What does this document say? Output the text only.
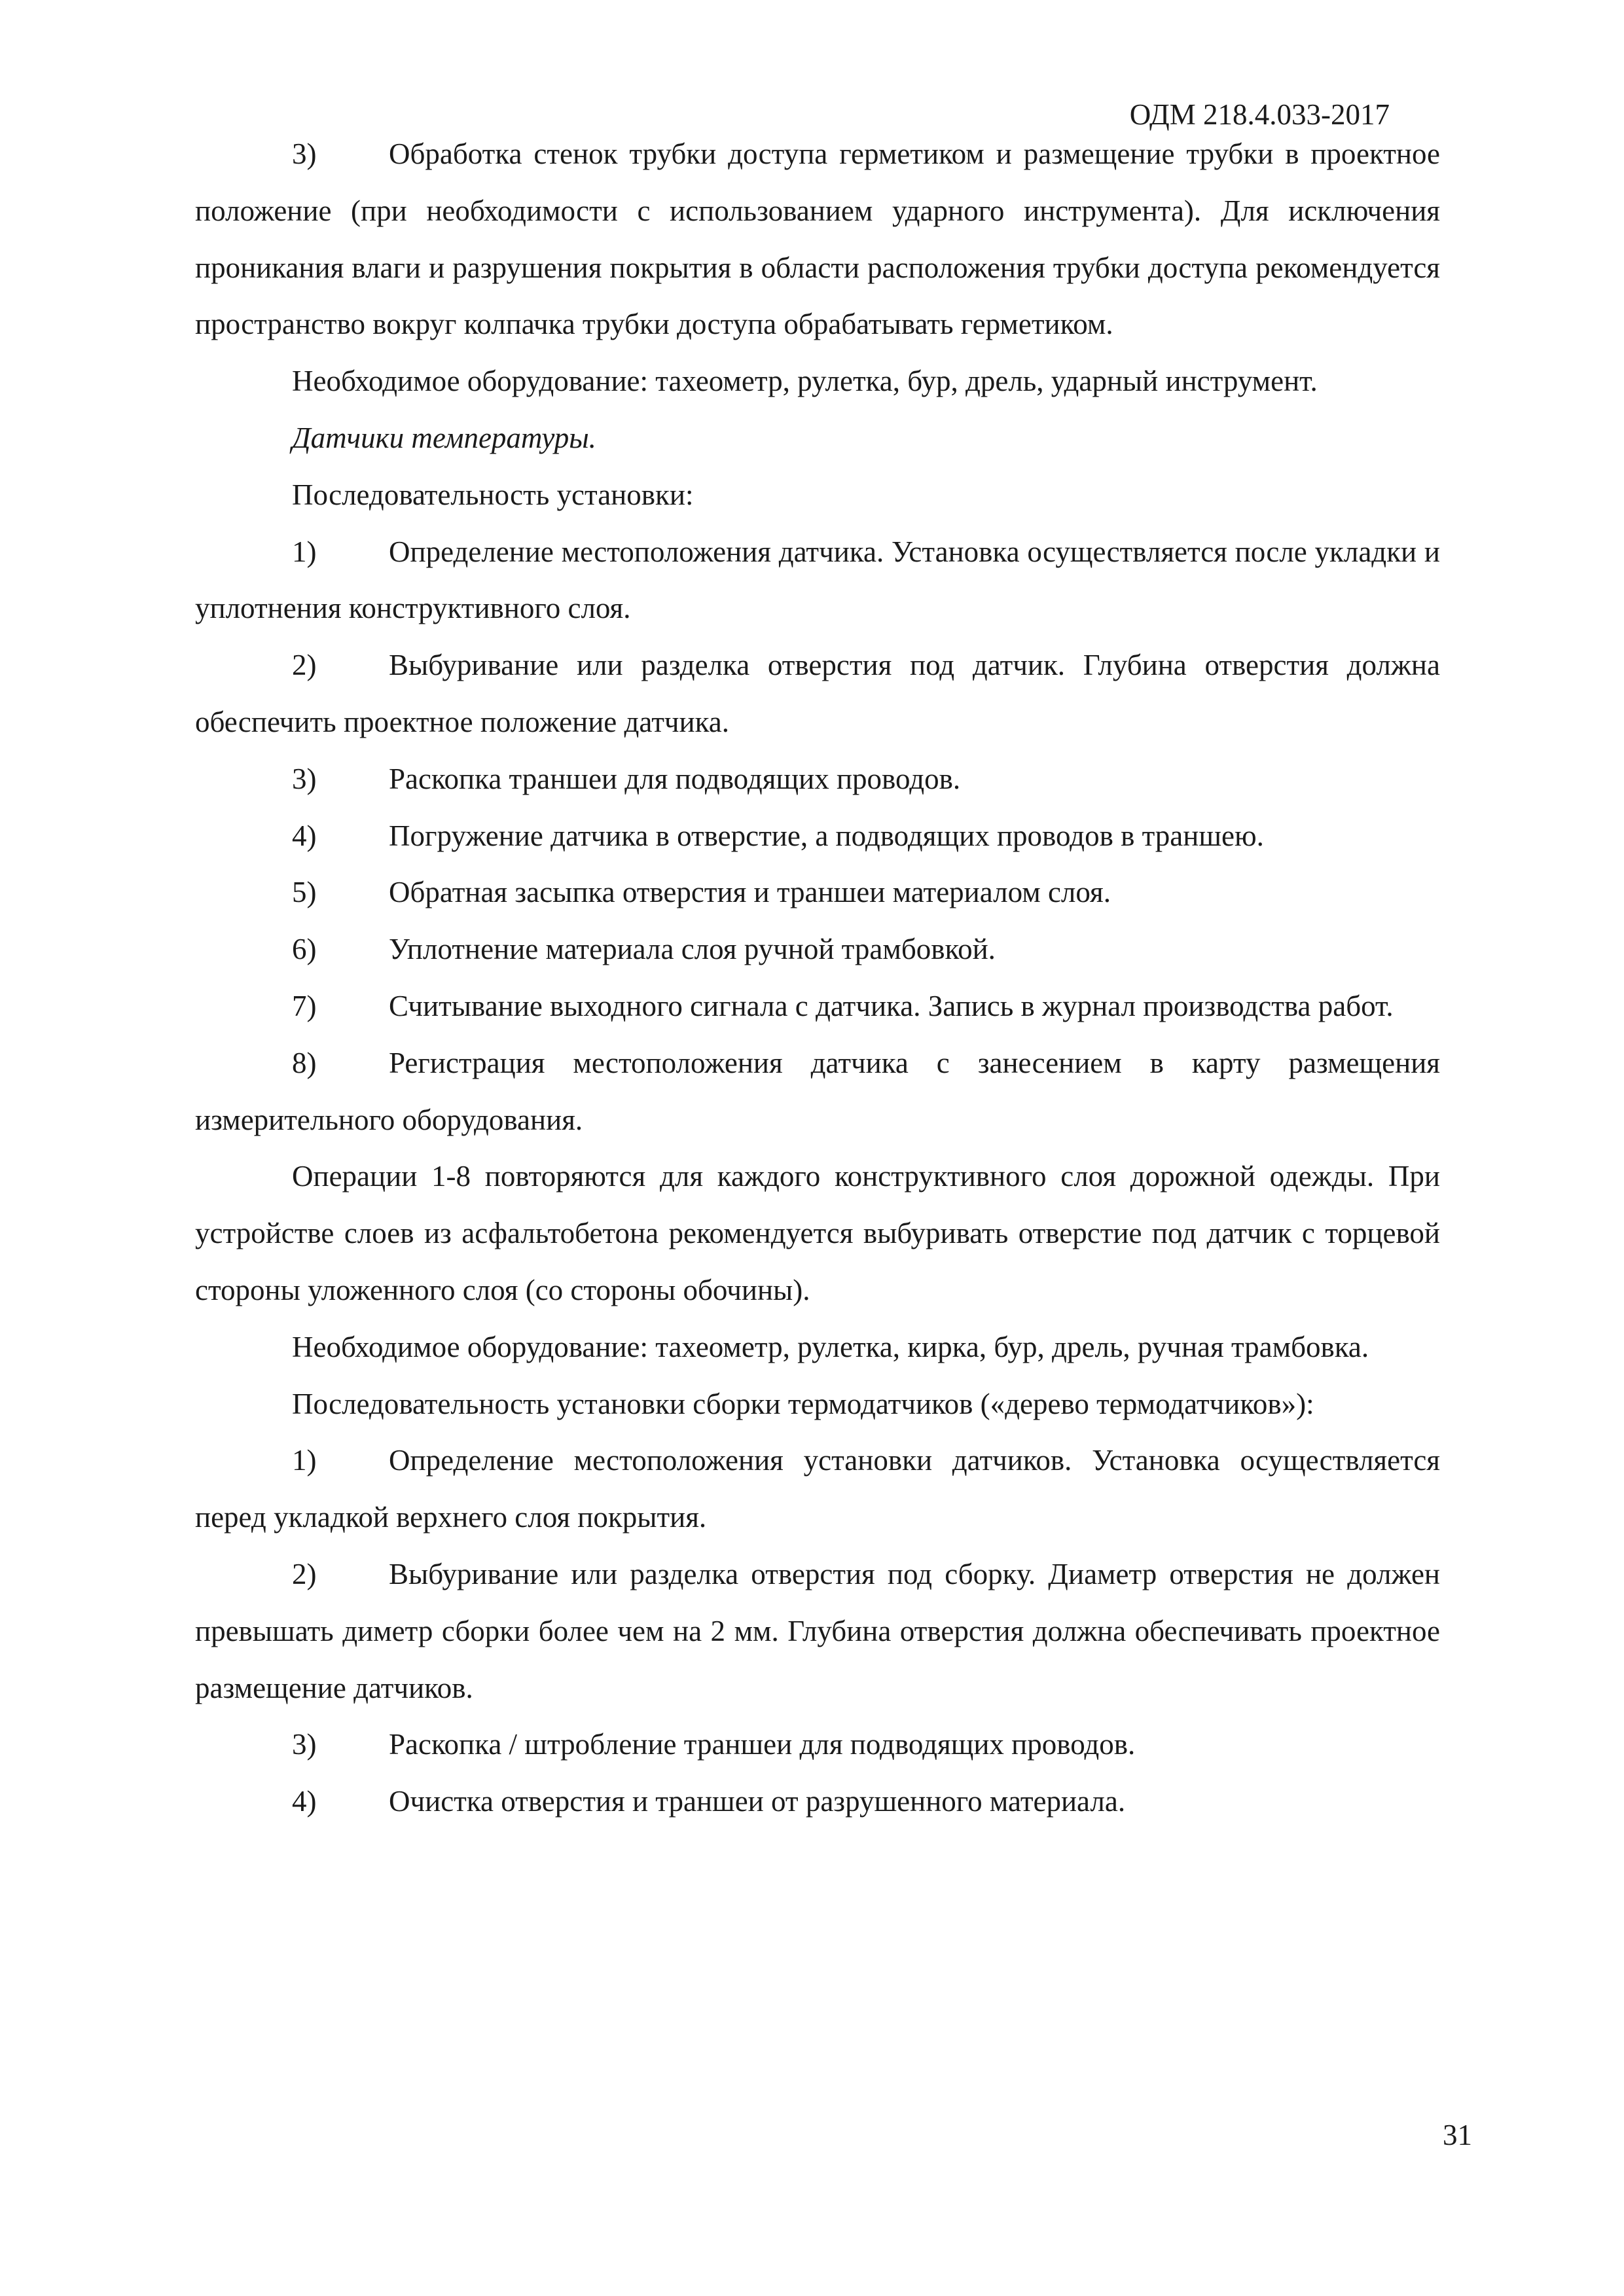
ОДМ 218.4.033-2017

3) Обработка стенок трубки доступа герметиком и размещение трубки в проектное положение (при необходимости с использованием ударного инструмента). Для исключения проникания влаги и разрушения покрытия в области расположения трубки доступа рекомендуется пространство вокруг колпачка трубки доступа обрабатывать герметиком.

Необходимое оборудование: тахеометр, рулетка, бур, дрель, ударный инструмент.

Датчики температуры.

Последовательность установки:

1) Определение местоположения датчика. Установка осуществляется после укладки и уплотнения конструктивного слоя.

2) Выбуривание или разделка отверстия под датчик. Глубина отверстия должна обеспечить проектное положение датчика.

3) Раскопка траншеи для подводящих проводов.

4) Погружение датчика в отверстие, а подводящих проводов в траншею.

5) Обратная засыпка отверстия и траншеи материалом слоя.

6) Уплотнение материала слоя ручной трамбовкой.

7) Считывание выходного сигнала с датчика. Запись в журнал производства работ.

8) Регистрация местоположения датчика с занесением в карту размещения измерительного оборудования.

Операции 1-8 повторяются для каждого конструктивного слоя дорожной одежды. При устройстве слоев из асфальтобетона рекомендуется выбуривать отверстие под датчик с торцевой стороны уложенного слоя (со стороны обочины).

Необходимое оборудование: тахеометр, рулетка, кирка, бур, дрель, ручная трамбовка.

Последовательность установки сборки термодатчиков («дерево термодатчиков»):

1) Определение местоположения установки датчиков. Установка осуществляется перед укладкой верхнего слоя покрытия.

2) Выбуривание или разделка отверстия под сборку. Диаметр отверстия не должен превышать диметр сборки более чем на 2 мм. Глубина отверстия должна обеспечивать проектное размещение датчиков.

3) Раскопка / штробление траншеи для подводящих проводов.

4) Очистка отверстия и траншеи от разрушенного материала.

31
